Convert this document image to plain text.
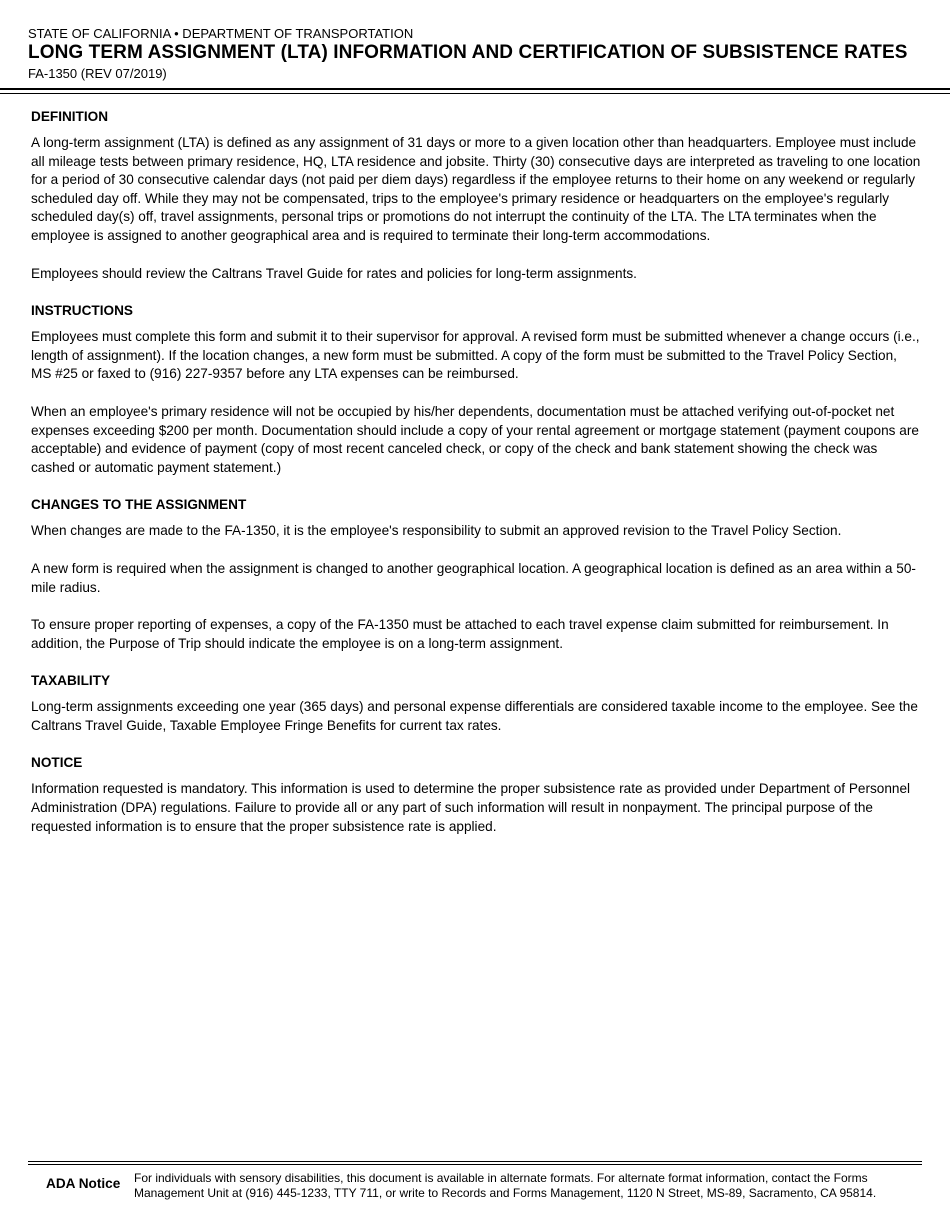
STATE OF CALIFORNIA • DEPARTMENT OF TRANSPORTATION
LONG TERM ASSIGNMENT (LTA) INFORMATION AND CERTIFICATION OF SUBSISTENCE RATES
FA-1350 (REV 07/2019)
DEFINITION

A long-term assignment (LTA) is defined as any assignment of 31 days or more to a given location other than headquarters. Employee must include all mileage tests between primary residence, HQ, LTA residence and jobsite. Thirty (30) consecutive days are interpreted as traveling to one location for a period of 30 consecutive calendar days (not paid per diem days) regardless if the employee returns to their home on any weekend or regularly scheduled day off. While they may not be compensated, trips to the employee's primary residence or headquarters on the employee's regularly scheduled day(s) off, travel assignments, personal trips or promotions do not interrupt the continuity of the LTA. The LTA terminates when the employee is assigned to another geographical area and is required to terminate their long-term accommodations.

Employees should review the Caltrans Travel Guide for rates and policies for long-term assignments.

INSTRUCTIONS

Employees must complete this form and submit it to their supervisor for approval. A revised form must be submitted whenever a change occurs (i.e., length of assignment). If the location changes, a new form must be submitted. A copy of the form must be submitted to the Travel Policy Section, MS #25 or faxed to (916) 227-9357 before any LTA expenses can be reimbursed.

When an employee's primary residence will not be occupied by his/her dependents, documentation must be attached verifying out-of-pocket net expenses exceeding $200 per month. Documentation should include a copy of your rental agreement or mortgage statement (payment coupons are acceptable) and evidence of payment (copy of most recent canceled check, or copy of the check and bank statement showing the check was cashed or automatic payment statement.)

CHANGES TO THE ASSIGNMENT

When changes are made to the FA-1350, it is the employee's responsibility to submit an approved revision to the Travel Policy Section.

A new form is required when the assignment is changed to another geographical location. A geographical location is defined as an area within a 50-mile radius.

To ensure proper reporting of expenses, a copy of the FA-1350 must be attached to each travel expense claim submitted for reimbursement. In addition, the Purpose of Trip should indicate the employee is on a long-term assignment.

TAXABILITY

Long-term assignments exceeding one year (365 days) and personal expense differentials are considered taxable income to the employee. See the Caltrans Travel Guide, Taxable Employee Fringe Benefits for current tax rates.

NOTICE

Information requested is mandatory. This information is used to determine the proper subsistence rate as provided under Department of Personnel Administration (DPA) regulations. Failure to provide all or any part of such information will result in nonpayment. The principal purpose of the requested information is to ensure that the proper subsistence rate is applied.

ADA Notice For individuals with sensory disabilities, this document is available in alternate formats. For alternate format information, contact the Forms Management Unit at (916) 445-1233, TTY 711, or write to Records and Forms Management, 1120 N Street, MS-89, Sacramento, CA 95814.
